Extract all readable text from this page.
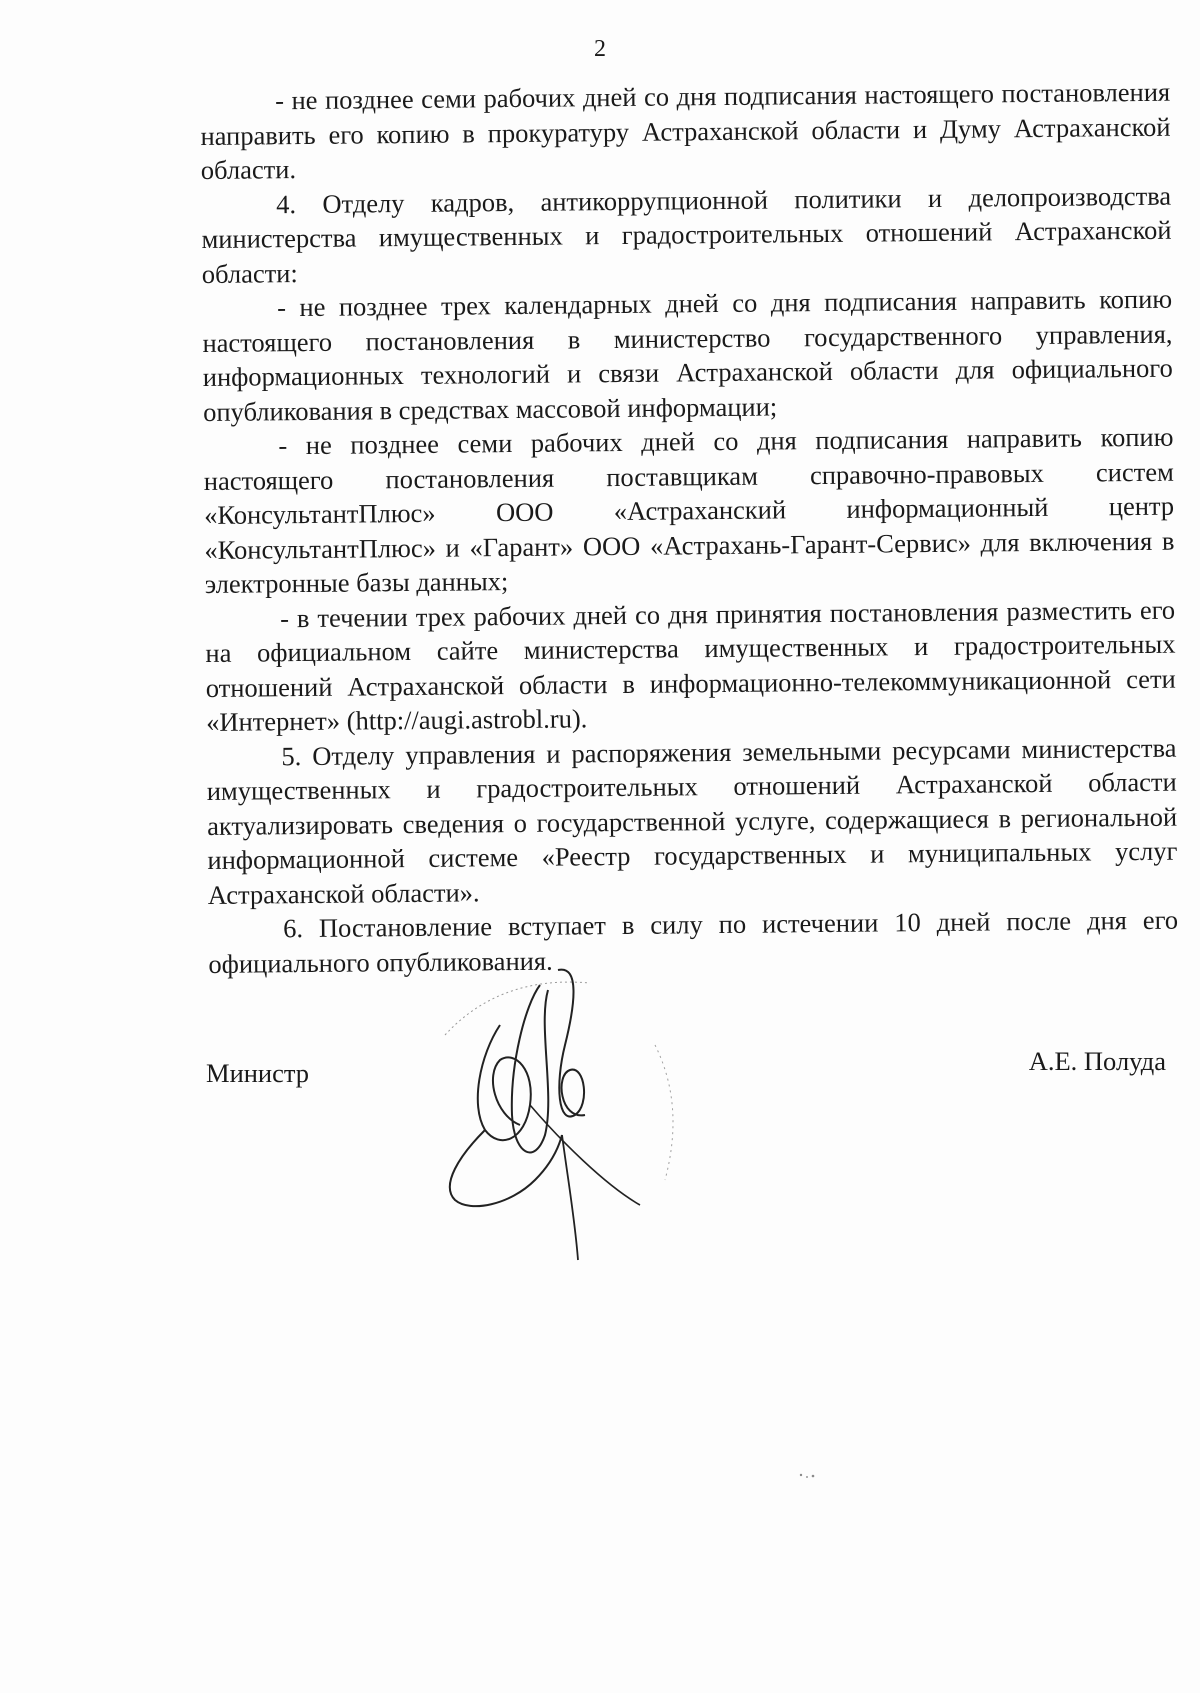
2

- не позднее семи рабочих дней со дня подписания настоящего постановления направить его копию в прокуратуру Астраханской области и Думу Астраханской области.

4. Отделу кадров, антикоррупционной политики и делопроизводства министерства имущественных и градостроительных отношений Астраханской области:

- не позднее трех календарных дней со дня подписания направить копию настоящего постановления в министерство государственного управления, информационных технологий и связи Астраханской области для официального опубликования в средствах массовой информации;

- не позднее семи рабочих дней со дня подписания направить копию настоящего постановления поставщикам справочно-правовых систем «КонсультантПлюс» ООО «Астраханский информационный центр «КонсультантПлюс» и «Гарант» ООО «Астрахань-Гарант-Сервис» для включения в электронные базы данных;

- в течении трех рабочих дней со дня принятия постановления разместить его на официальном сайте министерства имущественных и градостроительных отношений Астраханской области в информационно-телекоммуникационной сети «Интернет» (http://augi.astrobl.ru).

5. Отделу управления и распоряжения земельными ресурсами министерства имущественных и градостроительных отношений Астраханской области актуализировать сведения о государственной услуге, содержащиеся в региональной информационной системе «Реестр государственных и муниципальных услуг Астраханской области».

6. Постановление вступает в силу по истечении 10 дней после дня его официального опубликования.

Министр	А.Е. Полуда
